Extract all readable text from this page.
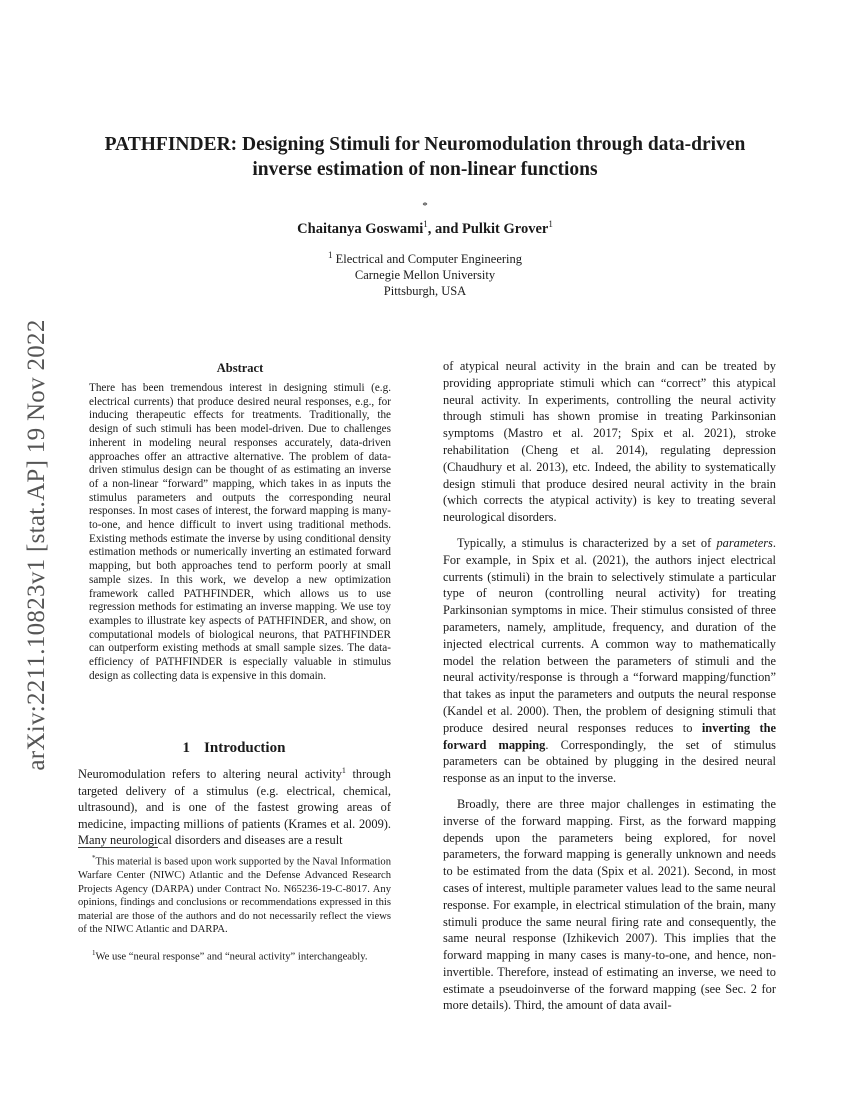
arXiv:2211.10823v1 [stat.AP] 19 Nov 2022
PATHFINDER: Designing Stimuli for Neuromodulation through data-driven inverse estimation of non-linear functions
*
Chaitanya Goswami$^1$, and Pulkit Grover$^1$
$^1$ Electrical and Computer Engineering
Carnegie Mellon University
Pittsburgh, USA
Abstract

There has been tremendous interest in designing stimuli (e.g. electrical currents) that produce desired neural responses, e.g., for inducing therapeutic effects for treatments. Traditionally, the design of such stimuli has been model-driven. Due to challenges inherent in modeling neural responses accurately, data-driven approaches offer an attractive alternative. The problem of data-driven stimulus design can be thought of as estimating an inverse of a non-linear “forward” mapping, which takes in as inputs the stimulus parameters and outputs the corresponding neural responses. In most cases of interest, the forward mapping is many-to-one, and hence difficult to invert using traditional methods. Existing methods estimate the inverse by using conditional density estimation methods or numerically inverting an estimated forward mapping, but both approaches tend to perform poorly at small sample sizes. In this work, we develop a new optimization framework called PATHFINDER, which allows us to use regression methods for estimating an inverse mapping. We use toy examples to illustrate key aspects of PATHFINDER, and show, on computational models of biological neurons, that PATHFINDER can outperform existing methods at small sample sizes. The data-efficiency of PATHFINDER is especially valuable in stimulus design as collecting data is expensive in this domain.

1 Introduction

Neuromodulation refers to altering neural activity$^1$ through targeted delivery of a stimulus (e.g. electrical, chemical, ultrasound), and is one of the fastest growing areas of medicine, impacting millions of patients (Krames et al. 2009). Many neurological disorders and diseases are a result

*This material is based upon work supported by the Naval Information Warfare Center (NIWC) Atlantic and the Defense Advanced Research Projects Agency (DARPA) under Contract No. N65236-19-C-8017. Any opinions, findings and conclusions or recommendations expressed in this material are those of the authors and do not necessarily reflect the views of the NIWC Atlantic and DARPA.

$^1$We use “neural response” and “neural activity” interchangeably.

of atypical neural activity in the brain and can be treated by providing appropriate stimuli which can “correct” this atypical neural activity. In experiments, controlling the neural activity through stimuli has shown promise in treating Parkinsonian symptoms (Mastro et al. 2017; Spix et al. 2021), stroke rehabilitation (Cheng et al. 2014), regulating depression (Chaudhury et al. 2013), etc. Indeed, the ability to systematically design stimuli that produce desired neural activity in the brain (which corrects the atypical activity) is key to treating several neurological disorders.

Typically, a stimulus is characterized by a set of parameters. For example, in Spix et al. (2021), the authors inject electrical currents (stimuli) in the brain to selectively stimulate a particular type of neuron (controlling neural activity) for treating Parkinsonian symptoms in mice. Their stimulus consisted of three parameters, namely, amplitude, frequency, and duration of the injected electrical currents. A common way to mathematically model the relation between the parameters of stimuli and the neural activity/response is through a “forward mapping/function” that takes as input the parameters and outputs the neural response (Kandel et al. 2000). Then, the problem of designing stimuli that produce desired neural responses reduces to inverting the forward mapping. Correspondingly, the set of stimulus parameters can be obtained by plugging in the desired neural response as an input to the inverse.

Broadly, there are three major challenges in estimating the inverse of the forward mapping. First, as the forward mapping depends upon the parameters being explored, for novel parameters, the forward mapping is generally unknown and needs to be estimated from the data (Spix et al. 2021). Second, in most cases of interest, multiple parameter values lead to the same neural response. For example, in electrical stimulation of the brain, many stimuli produce the same neural firing rate and consequently, the same neural response (Izhikevich 2007). This implies that the forward mapping in many cases is many-to-one, and hence, non-invertible. Therefore, instead of estimating an inverse, we need to estimate a pseudoinverse of the forward mapping (see Sec. 2 for more details). Third, the amount of data avail-
